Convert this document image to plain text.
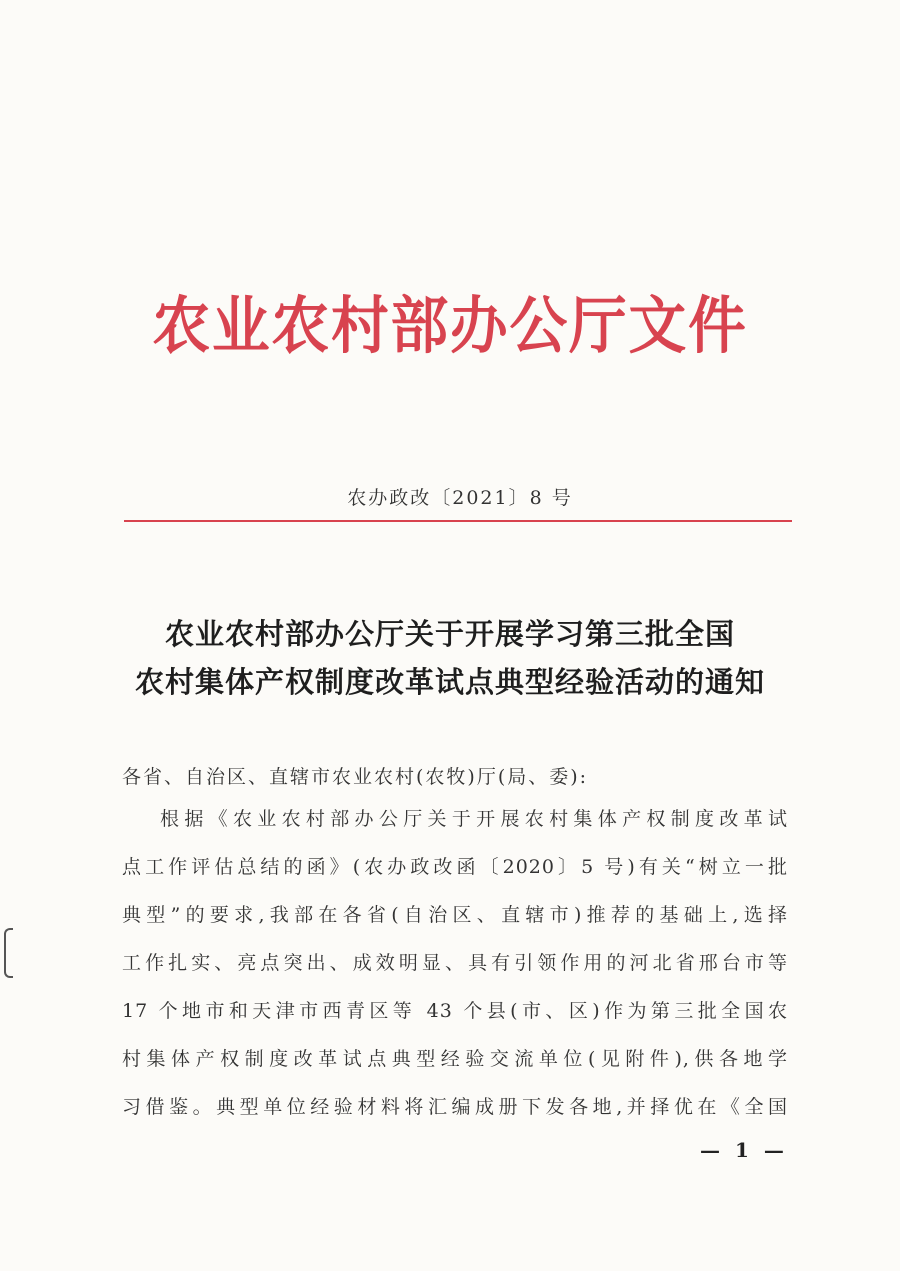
农业农村部办公厅文件
农办政改〔2021〕8 号
农业农村部办公厅关于开展学习第三批全国
农村集体产权制度改革试点典型经验活动的通知
各省、自治区、直辖市农业农村(农牧)厅(局、委):
根据《农业农村部办公厅关于开展农村集体产权制度改革试
点工作评估总结的函》(农办政改函〔2020〕5 号)有关“树立一批
典型”的要求,我部在各省(自治区、直辖市)推荐的基础上,选择
工作扎实、亮点突出、成效明显、具有引领作用的河北省邢台市等
17 个地市和天津市西青区等 43 个县(市、区)作为第三批全国农
村集体产权制度改革试点典型经验交流单位(见附件),供各地学
习借鉴。典型单位经验材料将汇编成册下发各地,并择优在《全国
— 1 —
